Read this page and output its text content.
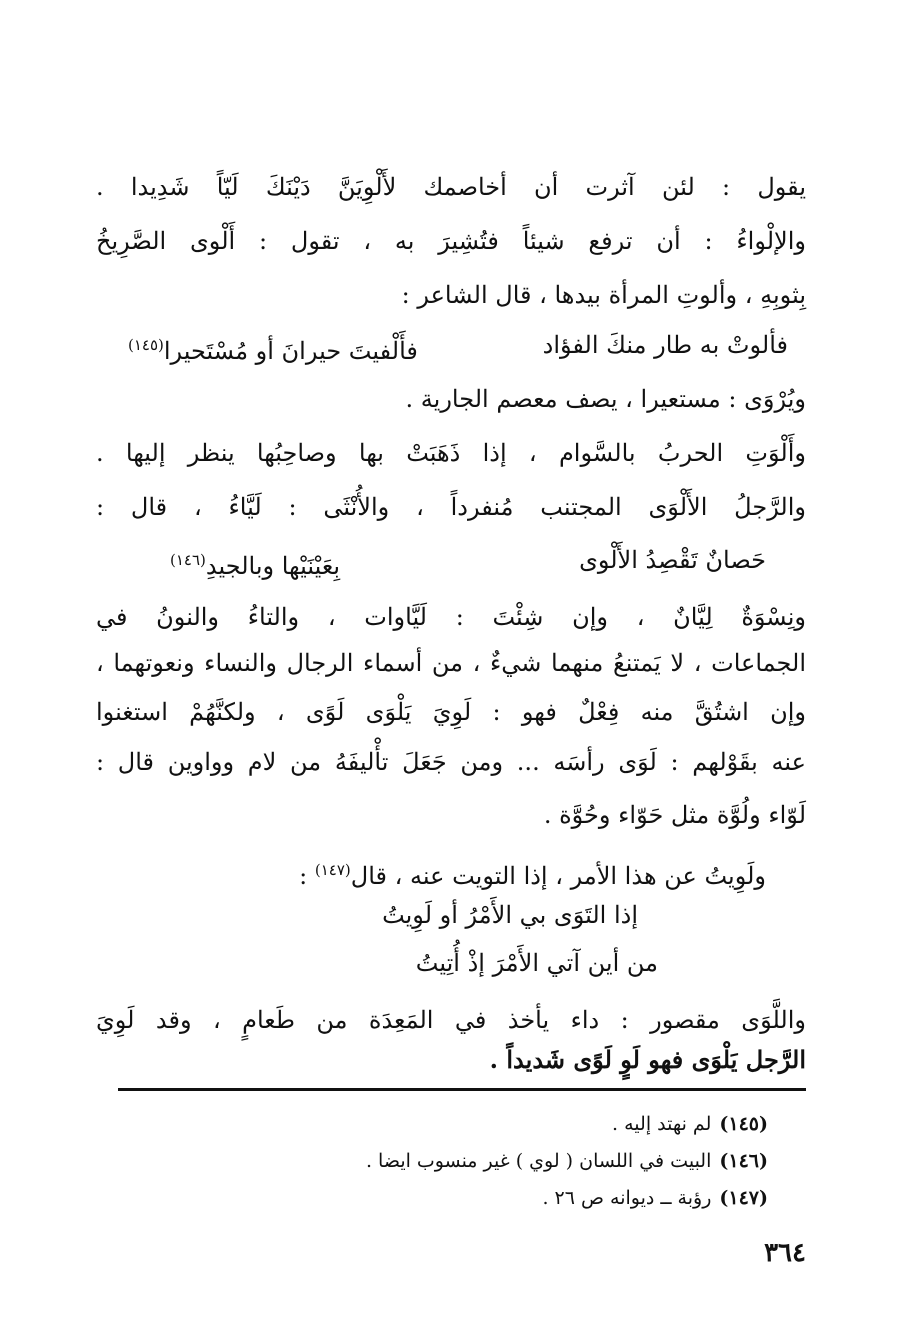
يقول : لئن آثرت أن أخاصمك لأَلْوِيَنَّ دَيْنَكَ لَيّاً شَدِيدا .
والإلْواءُ : أن ترفع شيئاً فتُشِيرَ به ، تقول : أَلْوى الصَّرِيخُ
بِثوبِهِ ، وألوتِ المرأة بيدها ، قال الشاعر :
فألوتْ به طار منكَ الفؤاد
فأَلْفيتَ حيرانَ أو مُسْتَحيرا$^{(١٤٥)}$
ويُرْوَى : مستعيرا ، يصف معصم الجارية .
وأَلْوَتِ الحربُ بالسَّوام ، إذا ذَهَبَتْ بها وصاحِبُها ينظر إليها .
والرَّجلُ الأَلْوَى المجتنب مُنفرداً ، والأُنْثَى : لَيَّاءُ ، قال :
حَصانٌ تَقْصِدُ الأَلْوى
بِعَيْنَيْها وبالجيدِ$^{(١٤٦)}$
ونِسْوَةٌ لِيَّانٌ ، وإن شِئْتَ : لَيَّاوات ، والتاءُ والنونُ في
الجماعات ، لا يَمتنعُ منهما شيءٌ ، من أسماء الرجال والنساء ونعوتهما ،
وإن اشتُقَّ منه فِعْلٌ فهو : لَوِيَ يَلْوَى لَوًى ، ولكنَّهُمْ استغنوا
عنه بقَوْلهم : لَوَى رأسَه ... ومن جَعَلَ تأْليفَهُ من لام وواوين قال :
لَوّاء ولُوَّة مثل حَوّاء وحُوَّة .
ولَوِيتُ عن هذا الأمر ، إذا التويت عنه ، قال$^{(١٤٧)}$ :
إذا التَوَى بي الأَمْرُ أو لَوِيتُ
من أين آتي الأَمْرَ إذْ أُتِيتُ
واللَّوَى مقصور : داء يأخذ في المَعِدَة من طَعامٍ ، وقد لَوِيَ
الرَّجل يَلْوَى فهو لَوٍ لَوًى شَديداً .
(١٤٥)لم نهتد إليه .
(١٤٦)البيت في اللسان ( لوي ) غير منسوب ايضا .
(١٤٧)رؤبة ــ ديوانه ص ٢٦ .
٣٦٤
